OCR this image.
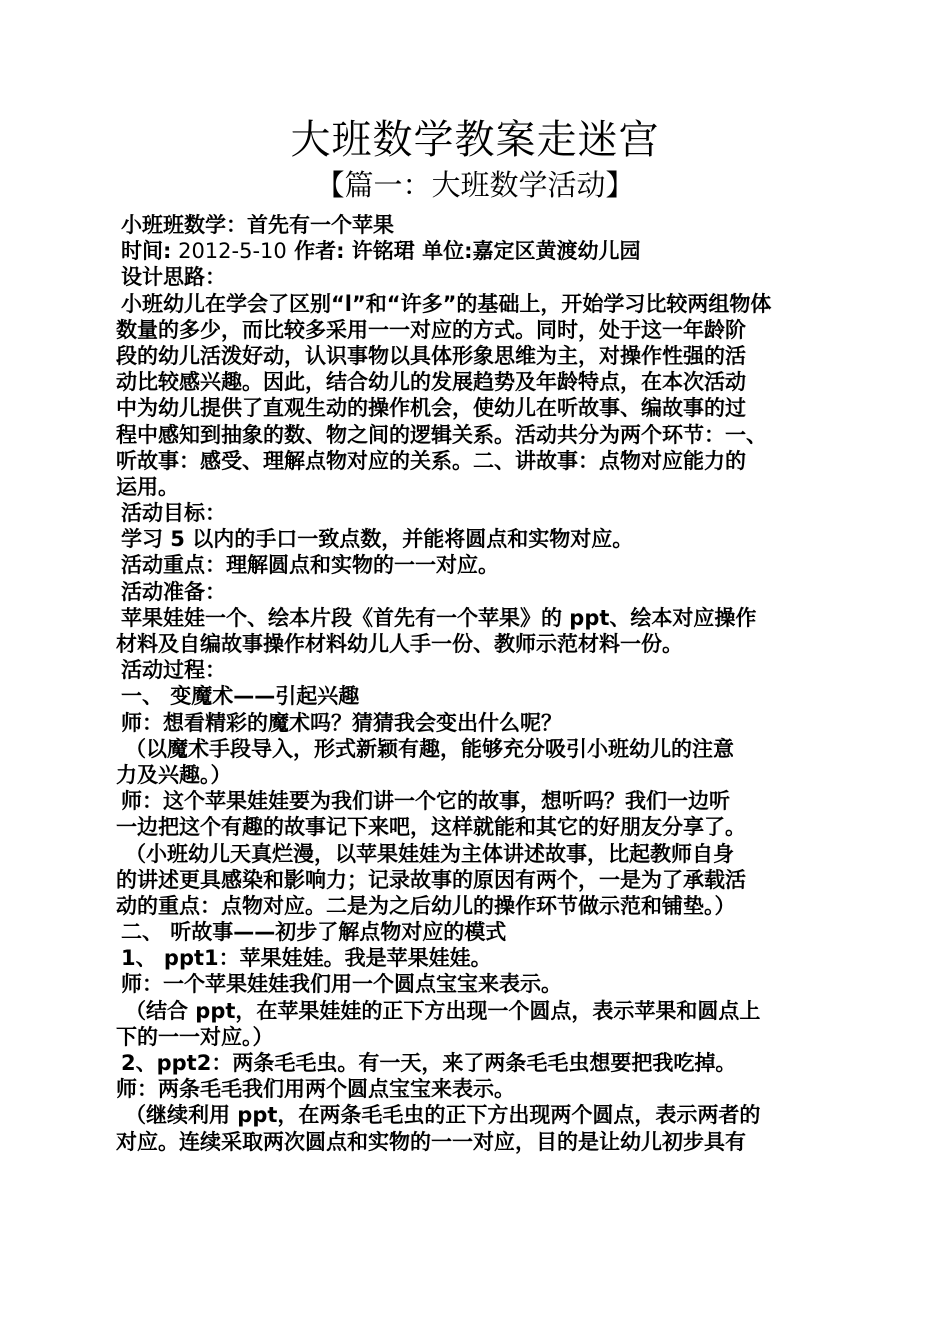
大班数学教案走迷宫
【篇一：大班数学活动】
小班班数学：首先有一个苹果
时间: 2012-5-10 作者: 许铭珺 单位:嘉定区黄渡幼儿园
设计思路：
小班幼儿在学会了区别“l”和“许多”的基础上，开始学习比较两组物体
数量的多少，而比较多采用一一对应的方式。同时，处于这一年龄阶
段的幼儿活泼好动，认识事物以具体形象思维为主，对操作性强的活
动比较感兴趣。因此，结合幼儿的发展趋势及年龄特点，在本次活动
中为幼儿提供了直观生动的操作机会，使幼儿在听故事、编故事的过
程中感知到抽象的数、物之间的逻辑关系。活动共分为两个环节：一、
听故事：感受、理解点物对应的关系。二、讲故事：点物对应能力的
运用。
活动目标：
学习 5 以内的手口一致点数，并能将圆点和实物对应。
活动重点：理解圆点和实物的一一对应。
活动准备：
苹果娃娃一个、绘本片段《首先有一个苹果》的 ppt、绘本对应操作
材料及自编故事操作材料幼儿人手一份、教师示范材料一份。
活动过程：
一、 变魔术——引起兴趣
师：想看精彩的魔术吗？猜猜我会变出什么呢？
（以魔术手段导入，形式新颖有趣，能够充分吸引小班幼儿的注意
力及兴趣。）
师：这个苹果娃娃要为我们讲一个它的故事，想听吗？我们一边听
一边把这个有趣的故事记下来吧，这样就能和其它的好朋友分享了。
（小班幼儿天真烂漫，以苹果娃娃为主体讲述故事，比起教师自身
的讲述更具感染和影响力；记录故事的原因有两个，一是为了承载活
动的重点：点物对应。二是为之后幼儿的操作环节做示范和铺垫。）
二、 听故事——初步了解点物对应的模式
1、 ppt1：苹果娃娃。我是苹果娃娃。
师：一个苹果娃娃我们用一个圆点宝宝来表示。
（结合 ppt，在苹果娃娃的正下方出现一个圆点，表示苹果和圆点上
下的一一对应。）
2、ppt2：两条毛毛虫。有一天，来了两条毛毛虫想要把我吃掉。
师：两条毛毛我们用两个圆点宝宝来表示。
（继续利用 ppt，在两条毛毛虫的正下方出现两个圆点，表示两者的
对应。连续采取两次圆点和实物的一一对应，目的是让幼儿初步具有
